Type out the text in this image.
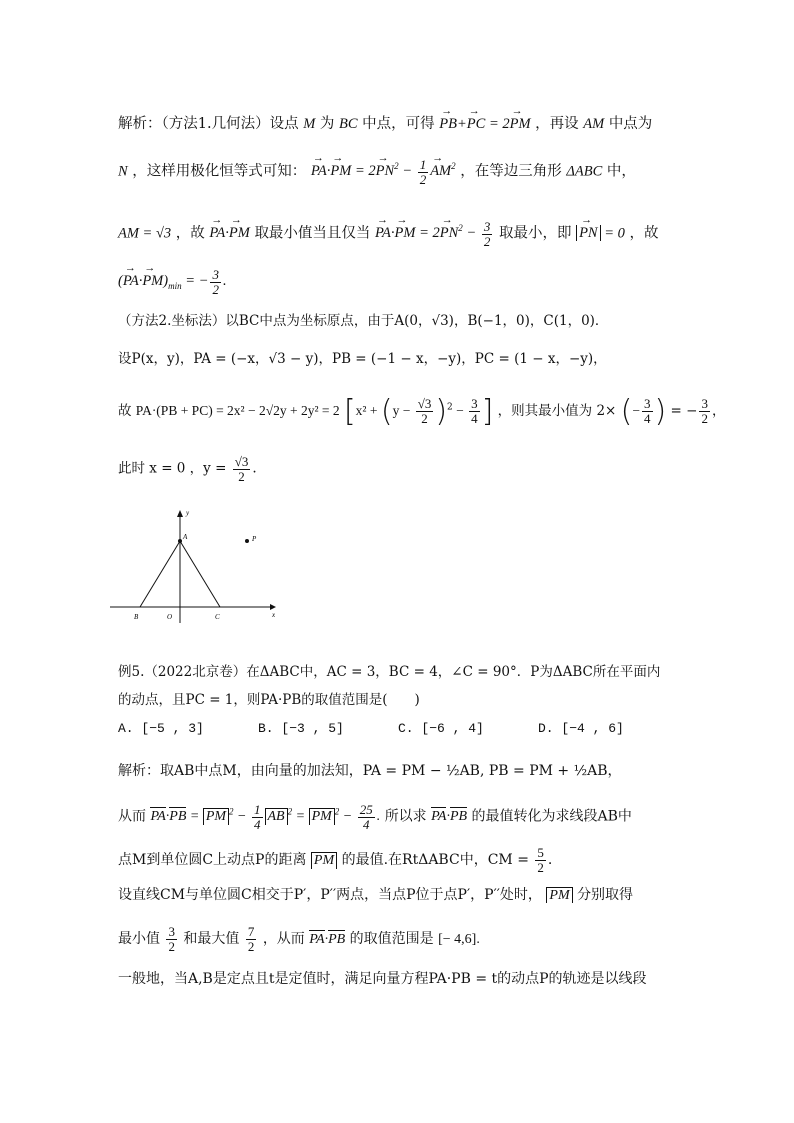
解析：（方法1.几何法）设点 M 为 BC 中点，可得 → PB+→ PC = 2→ PM ，再设 AM 中点为
N ，这样用极化恒等式可知： → PA·→ PM = $2\to PN^2 - \frac{1}{2}$
→ $AM^2$ ，在等边三角形 ΔABC 中，
AM = √3 ，故 → PA·→ PM 取最小值当且仅当 → PA·→ PM = $2\to PN^2 - \frac{3}{2}$ 取最小，即 → PN = 0 ，故
(→ $PA\cdot\to PM)_{min}$ = − $\frac{3}{2}$ .
（方法2.坐标法）以BC中点为坐标原点，由于A(0，√3)，B(−1，0)，C(1，0)．
设P(x，y)，PA = (−x，√3 − y)，PB = (−1 − x，−y)，PC = (1 − x，−y)，
故 PA·(PB + PC) = 2x² − 2√2y + 2y² = 2 [$x^2 + (y - \frac{√3}{2} )^2 - \frac{3}{4}$ ] ，则其最小值为 2× (− $\frac{3}{4}$ ) = − $\frac{3}{2}$ ，
此时 x = 0 ，$y = \frac{√3}{2}$ .
y
x
A
B	O	C
P
例5.（2022北京卷）在ΔABC中，AC = 3，BC = 4，∠C = 90°．P为ΔABC所在平面内
的动点，且PC = 1，则PA·PB的取值范围是(　　)
A. [−5 , 3]	B. [−3 , 5]	C. [−6 , 4]	D. [−4 , 6]
解析：取AB中点M，由向量的加法知，PA = PM − ½AB, PB = PM + ½AB，
从而 PA·PB = PM $^2 - \frac{1}{4}$ AB $^2$ = PM $^2 - \frac{25}{4}$ . 所以求 PA·PB 的最值转化为求线段AB中
点M到单位圆C上动点P的距离 PM 的最值.在RtΔABC中，CM = $\frac{5}{2}$ .
设直线CM与单位圆C相交于P′，P′′两点，当点P位于点P′，P′′处时， PM 分别取得
最小值 $\frac{3}{2}$ 和最大值 $\frac{7}{2}$ ，从而 PA·PB 的取值范围是 [− 4,6].
一般地，当A,B是定点且t是定值时，满足向量方程PA·PB = t的动点P的轨迹是以线段
